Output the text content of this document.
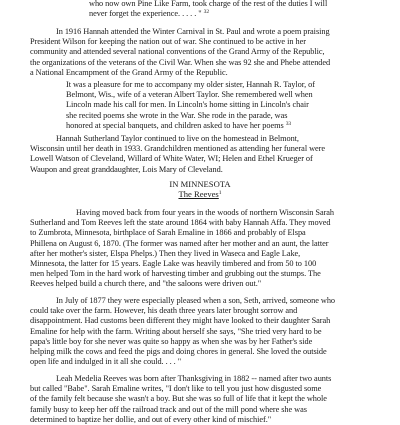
who now own Pine Like Farm, took charge of the rest of the duties I will
never forget the experience. . . . . " $^{32}$
In 1916 Hannah attended the Winter Carnival in St. Paul and wrote a poem praising
President Wilson for keeping the nation out of war. She continued to be active in her
community and attended several national conventions of the Grand Army of the Republic,
the organizations of the veterans of the Civil War. When she was 92 she and Phebe attended
a National Encampment of the Grand Army of the Republic.
It was a pleasure for me to accompany my older sister, Hannah R. Taylor, of
Belmont, Wis., wife of a veteran Albert Taylor. She remembered well when
Lincoln made his call for men. In Lincoln's home sitting in Lincoln's chair
she recited poems she wrote in the War. She rode in the parade, was
honored at special banquets, and children asked to have her poems $^{33}$
Hannah Sutherland Taylor continued to live on the homestead in Belmont,
Wisconsin until her death in 1933. Grandchildren mentioned as attending her funeral were
Lowell Watson of Cleveland, Willard of White Water, WI; Helen and Ethel Krueger of
Waupon and great granddaughter, Lois Mary of Cleveland.
IN MINNESOTA
The Reeves$^1$
Having moved back from four years in the woods of northern Wisconsin Sarah
Sutherland and Tom Reeves left the state around 1864 with baby Hannah Affa. They moved
to Zumbrota, Minnesota, birthplace of Sarah Emaline in 1866 and probably of Elspa
Phillena on August 6, 1870. (The former was named after her mother and an aunt, the latter
after her mother's sister, Elspa Phelps.) Then they lived in Waseca and Eagle Lake,
Minnesota, the latter for 15 years. Eagle Lake was heavily timbered and from 50 to 100
men helped Tom in the hard work of harvesting timber and grubbing out the stumps. The
Reeves helped build a church there, and "the saloons were driven out."
In July of 1877 they were especially pleased when a son, Seth, arrived, someone who
could take over the farm. However, his death three years later brought sorrow and
disappointment. Had customs been different they might have looked to their daughter Sarah
Emaline for help with the farm. Writing about herself she says, "She tried very hard to be
papa's little boy for she never was quite so happy as when she was by her Father's side
helping milk the cows and feed the pigs and doing chores in general. She loved the outside
open life and indulged in it all she could. . . . "
Leah Medelia Reeves was born after Thanksgiving in 1882 -- named after two aunts
but called "Babe". Sarah Emaline writes, "I don't like to tell you just how disgusted some
of the family felt because she wasn't a boy. But she was so full of life that it kept the whole
family busy to keep her off the railroad track and out of the mill pond where she was
determined to baptize her dollie, and out of every other kind of mischief."
